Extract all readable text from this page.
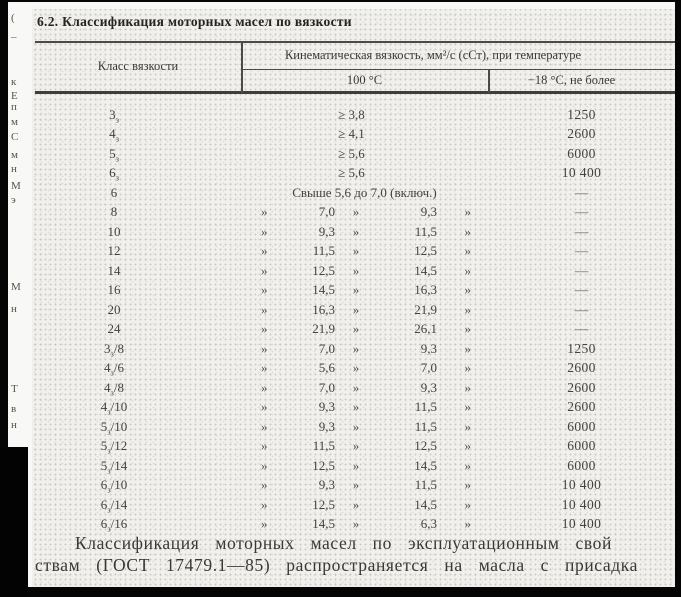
6.2. Классификация моторных масел по вязкости
Класс вязкости
Кинематическая вязкость, мм²/с (сСт), при температуре
100 °С	−18 °С, не более
$3_з$	≥ 3,8	1250
$4_з$	≥ 4,1	2600
$5_з$	≥ 5,6	6000
$6_з$	≥ 5,6	10 400
6	Свыше 5,6 до 7,0 (включ.)	—
8	»	7,0	»	9,3	»	—
10	»	9,3	»	11,5	»	—
12	»	11,5	»	12,5	»	—
14	»	12,5	»	14,5	»	—
16	»	14,5	»	16,3	»	—
20	»	16,3	»	21,9	»	—
24	»	21,9	»	26,1	»	—
$3_з/8$	»	7,0	»	9,3	»	1250
$4_з/6$	»	5,6	»	7,0	»	2600
$4_з/8$	»	7,0	»	9,3	»	2600
$4_з/10$	»	9,3	»	11,5	»	2600
$5_з/10$	»	9,3	»	11,5	»	6000
$5_з/12$	»	11,5	»	12,5	»	6000
$5_з/14$	»	12,5	»	14,5	»	6000
$6_з/10$	»	9,3	»	11,5	»	10 400
$6_з/14$	»	12,5	»	14,5	»	10 400
$6_з/16$	»	14,5	»	6,3	»	10 400
Классификация моторных масел по эксплуатационным свой
ствам (ГОСТ 17479.1—85) распространяется на масла с присадка
(
–
к
Е
п
м
С
м
н
М
э
М
н
Т
в
н
